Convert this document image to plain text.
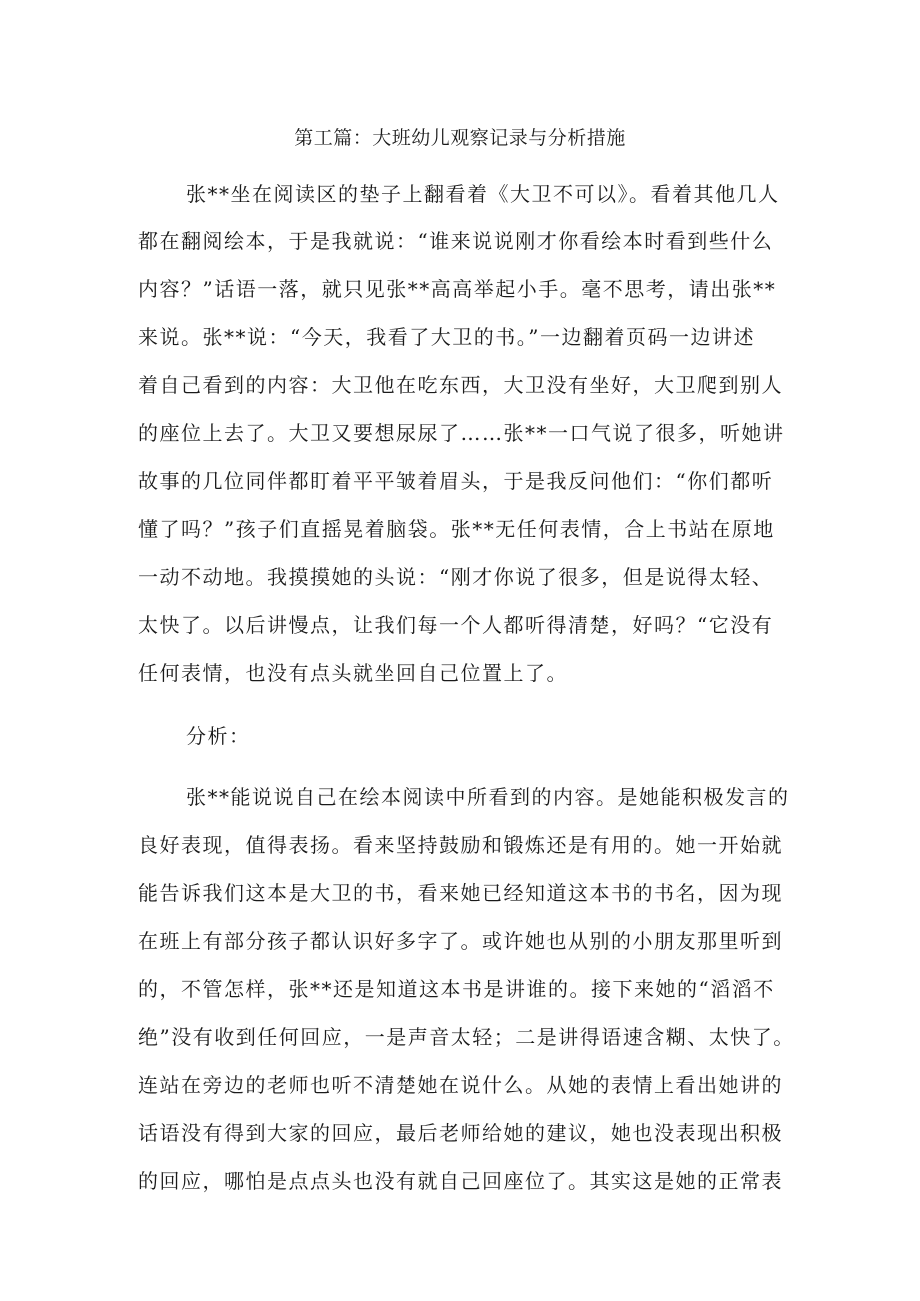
第工篇：大班幼儿观察记录与分析措施
张**坐在阅读区的垫子上翻看着《大卫不可以》。看着其他几人
都在翻阅绘本，于是我就说：“谁来说说刚才你看绘本时看到些什么
内容？”话语一落，就只见张**高高举起小手。毫不思考，请出张**
来说。张**说：“今天，我看了大卫的书。”一边翻着页码一边讲述
着自己看到的内容：大卫他在吃东西，大卫没有坐好，大卫爬到别人
的座位上去了。大卫又要想尿尿了……张**一口气说了很多，听她讲
故事的几位同伴都盯着平平皱着眉头，于是我反问他们：“你们都听
懂了吗？”孩子们直摇晃着脑袋。张**无任何表情，合上书站在原地
一动不动地。我摸摸她的头说：“刚才你说了很多，但是说得太轻、
太快了。以后讲慢点，让我们每一个人都听得清楚，好吗？“它没有
任何表情，也没有点头就坐回自己位置上了。
分析：
张**能说说自己在绘本阅读中所看到的内容。是她能积极发言的
良好表现，值得表扬。看来坚持鼓励和锻炼还是有用的。她一开始就
能告诉我们这本是大卫的书，看来她已经知道这本书的书名，因为现
在班上有部分孩子都认识好多字了。或许她也从别的小朋友那里听到
的，不管怎样，张**还是知道这本书是讲谁的。接下来她的“滔滔不
绝”没有收到任何回应，一是声音太轻；二是讲得语速含糊、太快了。
连站在旁边的老师也听不清楚她在说什么。从她的表情上看出她讲的
话语没有得到大家的回应，最后老师给她的建议，她也没表现出积极
的回应，哪怕是点点头也没有就自己回座位了。其实这是她的正常表
